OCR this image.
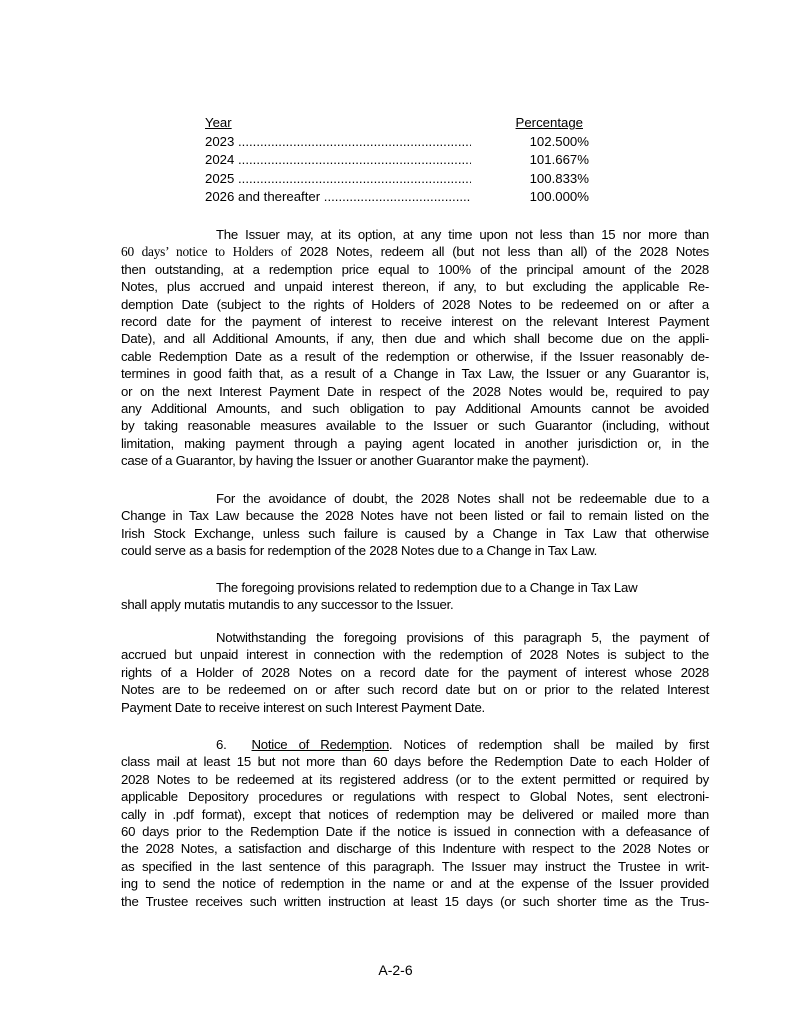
Year	Percentage
2023 .....	102.500%
2024 .....	101.667%
2025 .....	100.833%
2026 and thereafter .....	100.000%
The Issuer may, at its option, at any time upon not less than 15 nor more than
60 days’ notice to Holders of 2028 Notes, redeem all (but not less than all) of the 2028 Notes
then outstanding, at a redemption price equal to 100% of the principal amount of the 2028
Notes, plus accrued and unpaid interest thereon, if any, to but excluding the applicable Re-
demption Date (subject to the rights of Holders of 2028 Notes to be redeemed on or after a
record date for the payment of interest to receive interest on the relevant Interest Payment
Date), and all Additional Amounts, if any, then due and which shall become due on the appli-
cable Redemption Date as a result of the redemption or otherwise, if the Issuer reasonably de-
termines in good faith that, as a result of a Change in Tax Law, the Issuer or any Guarantor is,
or on the next Interest Payment Date in respect of the 2028 Notes would be, required to pay
any Additional Amounts, and such obligation to pay Additional Amounts cannot be avoided
by taking reasonable measures available to the Issuer or such Guarantor (including, without
limitation, making payment through a paying agent located in another jurisdiction or, in the
case of a Guarantor, by having the Issuer or another Guarantor make the payment).
For the avoidance of doubt, the 2028 Notes shall not be redeemable due to a
Change in Tax Law because the 2028 Notes have not been listed or fail to remain listed on the
Irish Stock Exchange, unless such failure is caused by a Change in Tax Law that otherwise
could serve as a basis for redemption of the 2028 Notes due to a Change in Tax Law.
The foregoing provisions related to redemption due to a Change in Tax Law
shall apply mutatis mutandis to any successor to the Issuer.
Notwithstanding the foregoing provisions of this paragraph 5, the payment of
accrued but unpaid interest in connection with the redemption of 2028 Notes is subject to the
rights of a Holder of 2028 Notes on a record date for the payment of interest whose 2028
Notes are to be redeemed on or after such record date but on or prior to the related Interest
Payment Date to receive interest on such Interest Payment Date.
6. Notice of Redemption. Notices of redemption shall be mailed by first
class mail at least 15 but not more than 60 days before the Redemption Date to each Holder of
2028 Notes to be redeemed at its registered address (or to the extent permitted or required by
applicable Depository procedures or regulations with respect to Global Notes, sent electroni-
cally in .pdf format), except that notices of redemption may be delivered or mailed more than
60 days prior to the Redemption Date if the notice is issued in connection with a defeasance of
the 2028 Notes, a satisfaction and discharge of this Indenture with respect to the 2028 Notes or
as specified in the last sentence of this paragraph. The Issuer may instruct the Trustee in writ-
ing to send the notice of redemption in the name or and at the expense of the Issuer provided
the Trustee receives such written instruction at least 15 days (or such shorter time as the Trus-
A-2-6
